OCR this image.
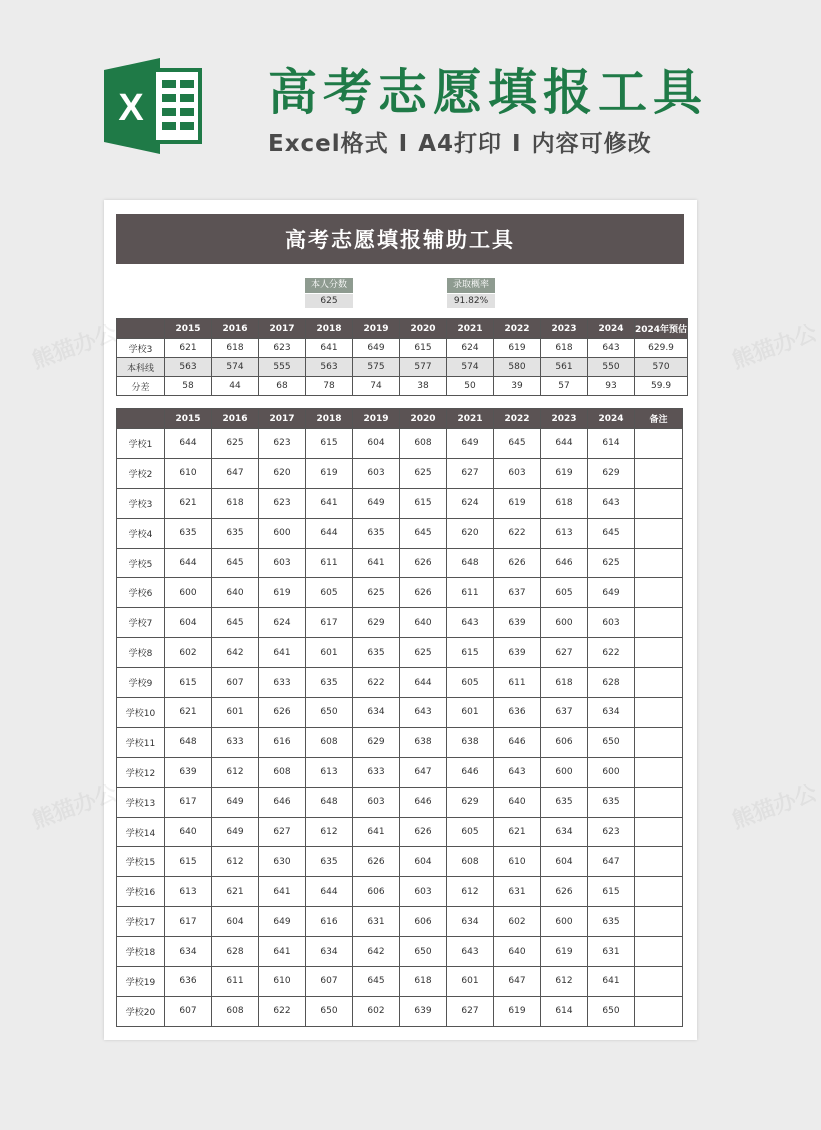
X	高考志愿填报工具
Excel格式 I A4打印 I 内容可修改
高考志愿填报辅助工具
本人分数
625
录取概率
91.82%
	2015	2016	2017	2018	2019	2020	2021	2022	2023	2024	2024年预估
学校3	621	618	623	641	649	615	624	619	618	643	629.9
本科线	563	574	555	563	575	577	574	580	561	550	570
分差	58	44	68	78	74	38	50	39	57	93	59.9
	2015	2016	2017	2018	2019	2020	2021	2022	2023	2024	备注
学校1	644	625	623	615	604	608	649	645	644	614	
学校2	610	647	620	619	603	625	627	603	619	629	
学校3	621	618	623	641	649	615	624	619	618	643	
学校4	635	635	600	644	635	645	620	622	613	645	
学校5	644	645	603	611	641	626	648	626	646	625	
学校6	600	640	619	605	625	626	611	637	605	649	
学校7	604	645	624	617	629	640	643	639	600	603	
学校8	602	642	641	601	635	625	615	639	627	622	
学校9	615	607	633	635	622	644	605	611	618	628	
学校10	621	601	626	650	634	643	601	636	637	634	
学校11	648	633	616	608	629	638	638	646	606	650	
学校12	639	612	608	613	633	647	646	643	600	600	
学校13	617	649	646	648	603	646	629	640	635	635	
学校14	640	649	627	612	641	626	605	621	634	623	
学校15	615	612	630	635	626	604	608	610	604	647	
学校16	613	621	641	644	606	603	612	631	626	615	
学校17	617	604	649	616	631	606	634	602	600	635	
学校18	634	628	641	634	642	650	643	640	619	631	
学校19	636	611	610	607	645	618	601	647	612	641	
学校20	607	608	622	650	602	639	627	619	614	650	
熊猫办公	熊猫办公
熊猫办公	熊猫办公
